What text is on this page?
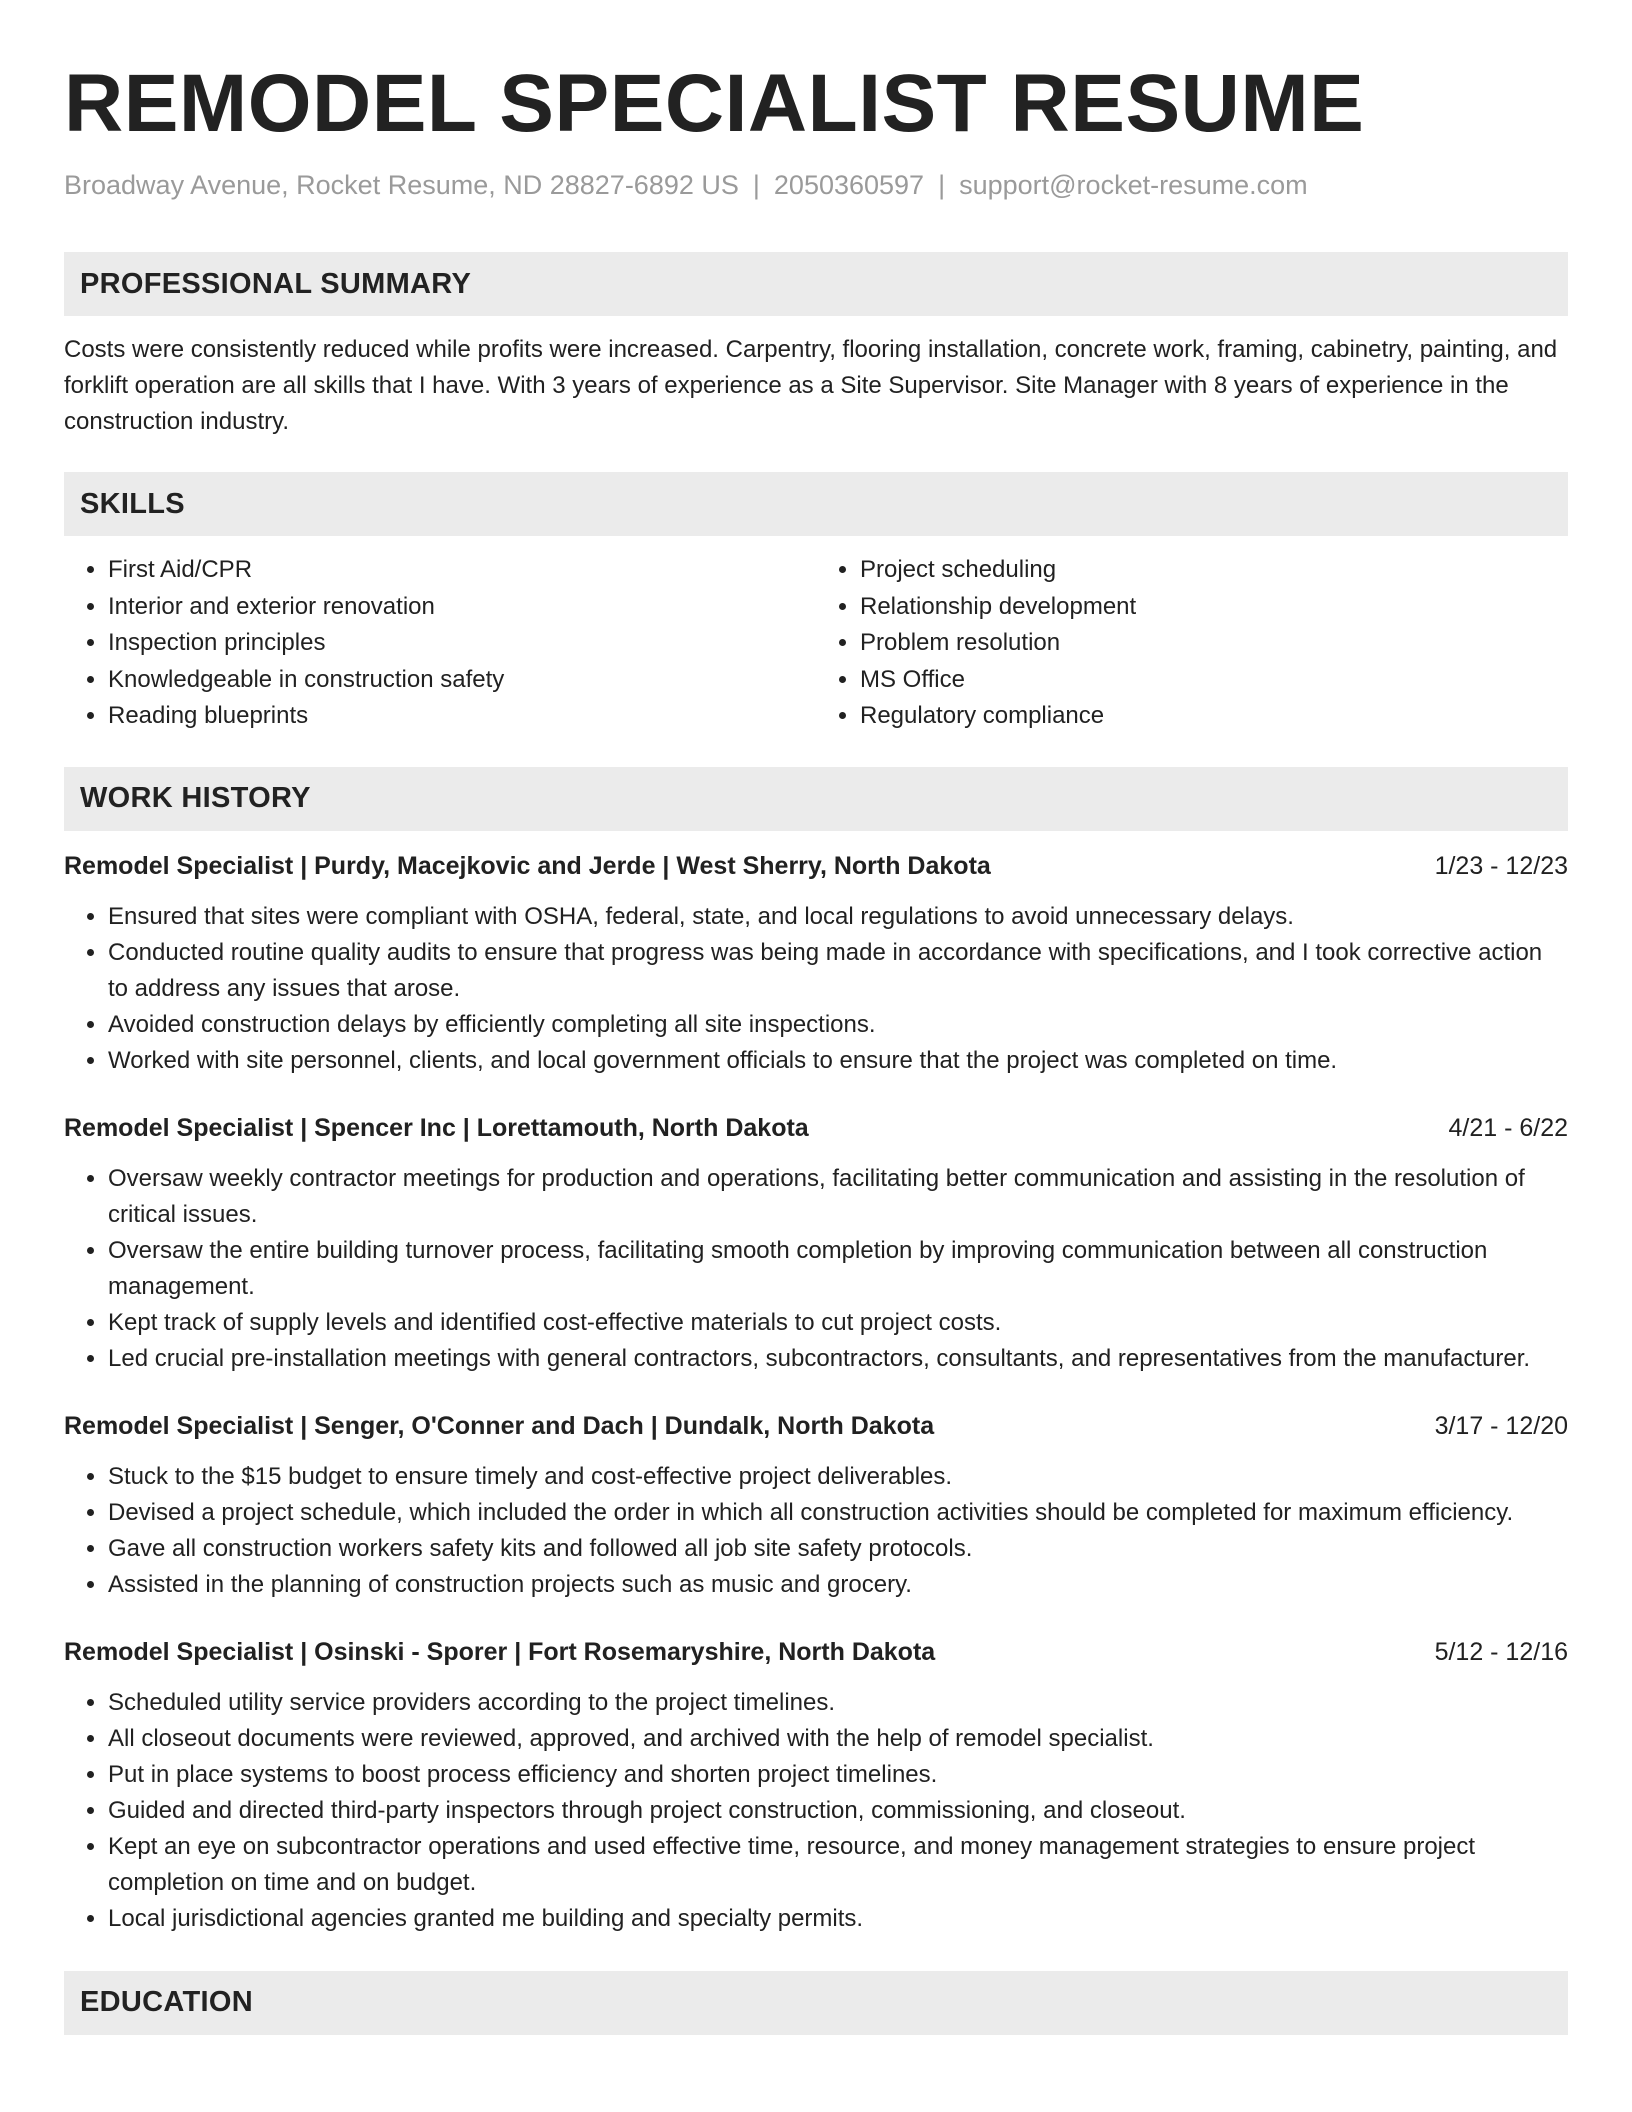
REMODEL SPECIALIST RESUME
Broadway Avenue, Rocket Resume, ND 28827-6892 US | 2050360597 | support@rocket-resume.com
PROFESSIONAL SUMMARY

Costs were consistently reduced while profits were increased. Carpentry, flooring installation, concrete work, framing, cabinetry, painting, and forklift operation are all skills that I have. With 3 years of experience as a Site Supervisor. Site Manager with 8 years of experience in the construction industry.

SKILLS
• First Aid/CPR
• Interior and exterior renovation
• Inspection principles
• Knowledgeable in construction safety
• Reading blueprints
• Project scheduling
• Relationship development
• Problem resolution
• MS Office
• Regulatory compliance
WORK HISTORY
Remodel Specialist | Purdy, Macejkovic and Jerde | West Sherry, North Dakota	1/23 - 12/23
• Ensured that sites were compliant with OSHA, federal, state, and local regulations to avoid unnecessary delays.
• Conducted routine quality audits to ensure that progress was being made in accordance with specifications, and I took corrective action to address any issues that arose.
• Avoided construction delays by efficiently completing all site inspections.
• Worked with site personnel, clients, and local government officials to ensure that the project was completed on time.
Remodel Specialist | Spencer Inc | Lorettamouth, North Dakota	4/21 - 6/22
• Oversaw weekly contractor meetings for production and operations, facilitating better communication and assisting in the resolution of critical issues.
• Oversaw the entire building turnover process, facilitating smooth completion by improving communication between all construction management.
• Kept track of supply levels and identified cost-effective materials to cut project costs.
• Led crucial pre-installation meetings with general contractors, subcontractors, consultants, and representatives from the manufacturer.
Remodel Specialist | Senger, O'Conner and Dach | Dundalk, North Dakota	3/17 - 12/20
• Stuck to the $15 budget to ensure timely and cost-effective project deliverables.
• Devised a project schedule, which included the order in which all construction activities should be completed for maximum efficiency.
• Gave all construction workers safety kits and followed all job site safety protocols.
• Assisted in the planning of construction projects such as music and grocery.
Remodel Specialist | Osinski - Sporer | Fort Rosemaryshire, North Dakota	5/12 - 12/16
• Scheduled utility service providers according to the project timelines.
• All closeout documents were reviewed, approved, and archived with the help of remodel specialist.
• Put in place systems to boost process efficiency and shorten project timelines.
• Guided and directed third-party inspectors through project construction, commissioning, and closeout.
• Kept an eye on subcontractor operations and used effective time, resource, and money management strategies to ensure project completion on time and on budget.
• Local jurisdictional agencies granted me building and specialty permits.
EDUCATION
